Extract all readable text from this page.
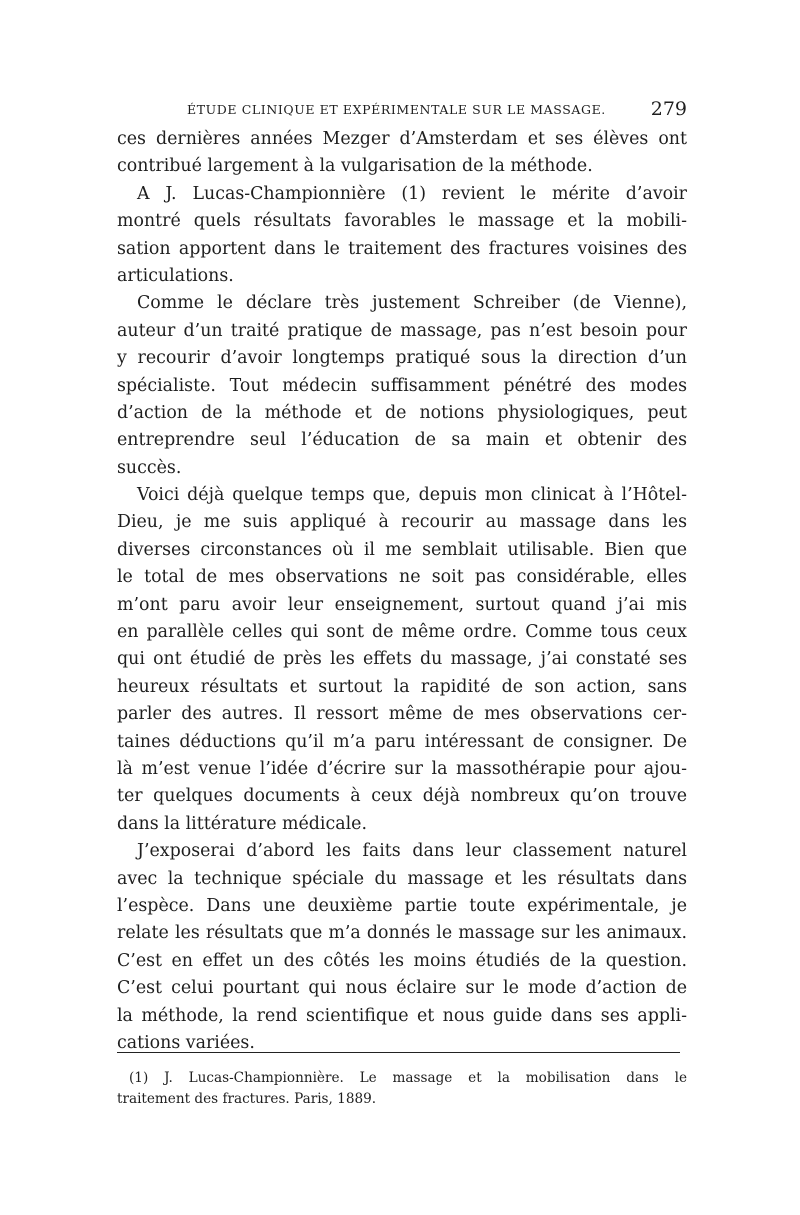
ÉTUDE CLINIQUE ET EXPÉRIMENTALE SUR LE MASSAGE. 279
ces dernières années Mezger d’Amsterdam et ses élèves ont
contribué largement à la vulgarisation de la méthode.
A J. Lucas-Championnière (1) revient le mérite d’avoir
montré quels résultats favorables le massage et la mobili-
sation apportent dans le traitement des fractures voisines des
articulations.
Comme le déclare très justement Schreiber (de Vienne),
auteur d’un traité pratique de massage, pas n’est besoin pour
y recourir d’avoir longtemps pratiqué sous la direction d’un
spécialiste. Tout médecin suffisamment pénétré des modes
d’action de la méthode et de notions physiologiques, peut
entreprendre seul l’éducation de sa main et obtenir des
succès.
Voici déjà quelque temps que, depuis mon clinicat à l’Hôtel-
Dieu, je me suis appliqué à recourir au massage dans les
diverses circonstances où il me semblait utilisable. Bien que
le total de mes observations ne soit pas considérable, elles
m’ont paru avoir leur enseignement, surtout quand j’ai mis
en parallèle celles qui sont de même ordre. Comme tous ceux
qui ont étudié de près les effets du massage, j’ai constaté ses
heureux résultats et surtout la rapidité de son action, sans
parler des autres. Il ressort même de mes observations cer-
taines déductions qu’il m’a paru intéressant de consigner. De
là m’est venue l’idée d’écrire sur la massothérapie pour ajou-
ter quelques documents à ceux déjà nombreux qu’on trouve
dans la littérature médicale.
J’exposerai d’abord les faits dans leur classement naturel
avec la technique spéciale du massage et les résultats dans
l’espèce. Dans une deuxième partie toute expérimentale, je
relate les résultats que m’a donnés le massage sur les animaux.
C’est en effet un des côtés les moins étudiés de la question.
C’est celui pourtant qui nous éclaire sur le mode d’action de
la méthode, la rend scientifique et nous guide dans ses appli-
cations variées.
(1) J. Lucas-Championnière. Le massage et la mobilisation dans le
traitement des fractures. Paris, 1889.
